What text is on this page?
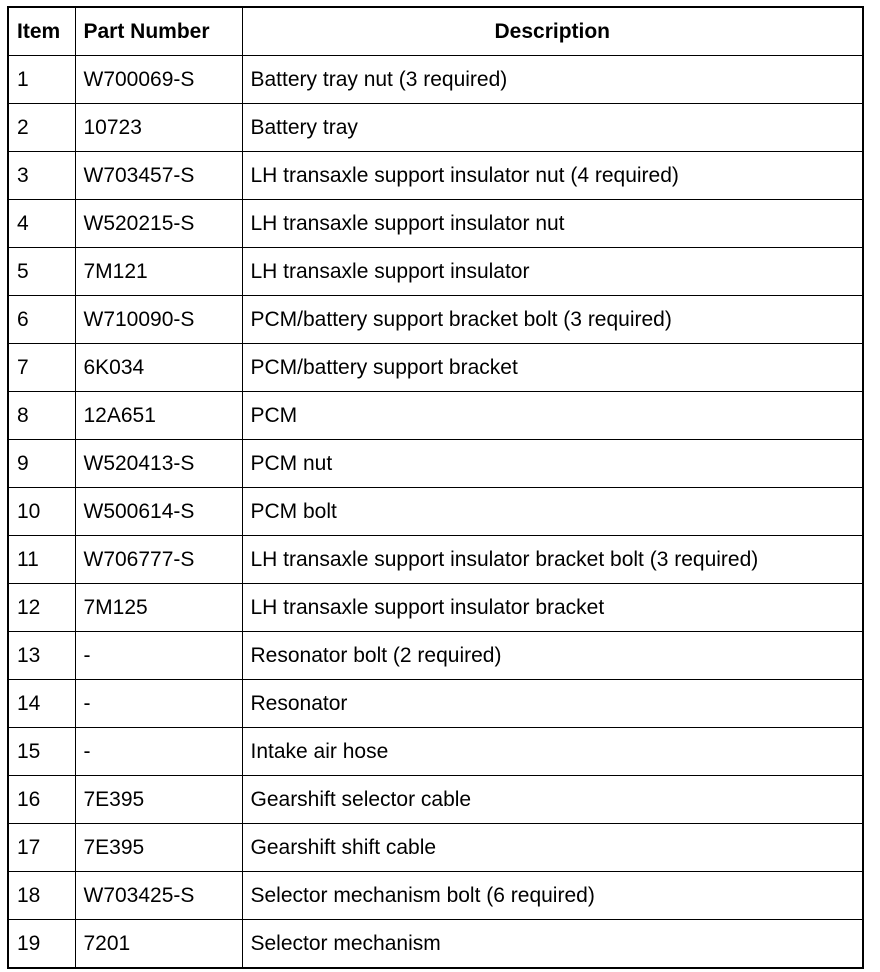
Item	Part Number	Description
1	W700069-S	Battery tray nut (3 required)
2	10723	Battery tray
3	W703457-S	LH transaxle support insulator nut (4 required)
4	W520215-S	LH transaxle support insulator nut
5	7M121	LH transaxle support insulator
6	W710090-S	PCM/battery support bracket bolt (3 required)
7	6K034	PCM/battery support bracket
8	12A651	PCM
9	W520413-S	PCM nut
10	W500614-S	PCM bolt
11	W706777-S	LH transaxle support insulator bracket bolt (3 required)
12	7M125	LH transaxle support insulator bracket
13	-	Resonator bolt (2 required)
14	-	Resonator
15	-	Intake air hose
16	7E395	Gearshift selector cable
17	7E395	Gearshift shift cable
18	W703425-S	Selector mechanism bolt (6 required)
19	7201	Selector mechanism
